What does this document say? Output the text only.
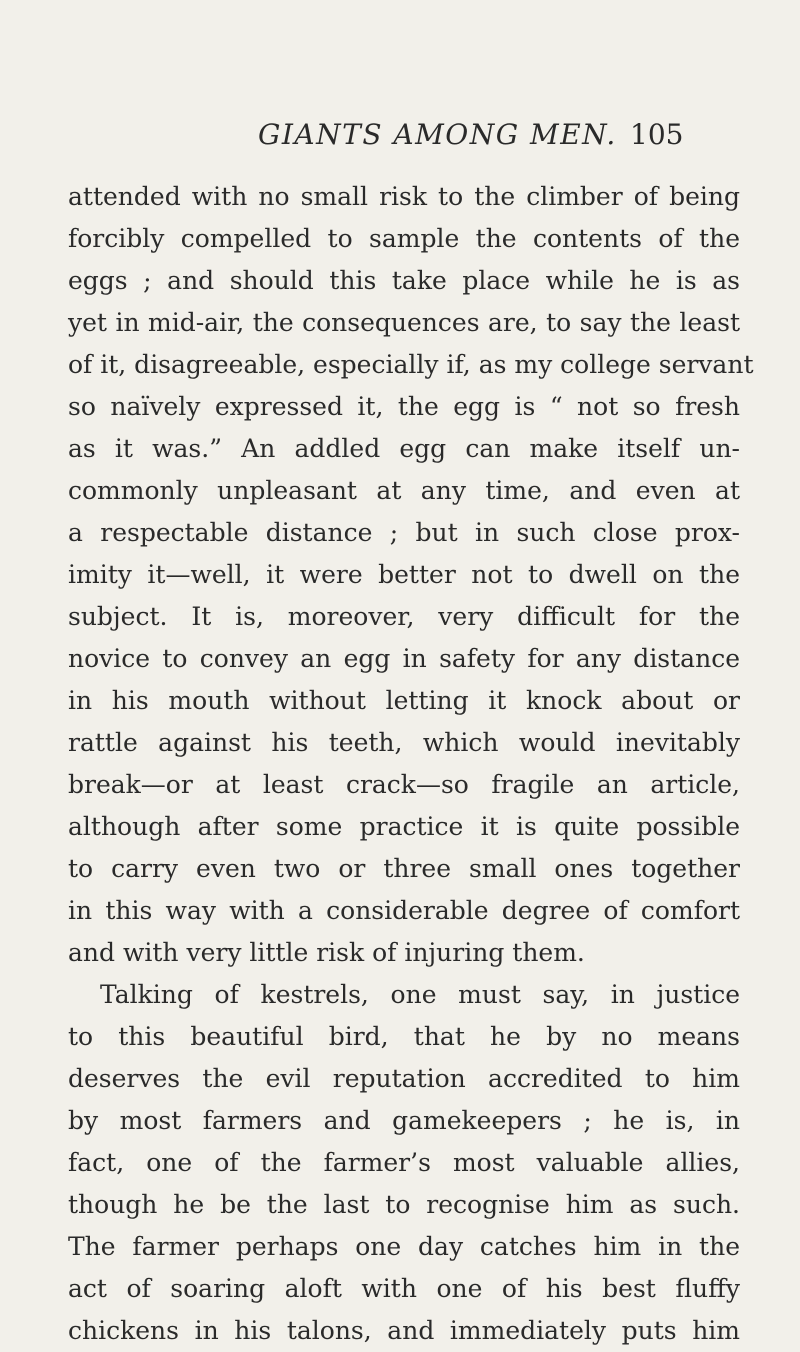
GIANTS AMONG MEN. 105
attended with no small risk to the climber of being
forcibly compelled to sample the contents of the
eggs ; and should this take place while he is as
yet in mid-air, the consequences are, to say the least
of it, disagreeable, especially if, as my college servant
so naïvely expressed it, the egg is “ not so fresh
as it was.” An addled egg can make itself un-
commonly unpleasant at any time, and even at
a respectable distance ; but in such close prox-
imity it—well, it were better not to dwell on the
subject. It is, moreover, very difficult for the
novice to convey an egg in safety for any distance
in his mouth without letting it knock about or
rattle against his teeth, which would inevitably
break—or at least crack—so fragile an article,
although after some practice it is quite possible
to carry even two or three small ones together
in this way with a considerable degree of comfort
and with very little risk of injuring them.
Talking of kestrels, one must say, in justice
to this beautiful bird, that he by no means
deserves the evil reputation accredited to him
by most farmers and gamekeepers ; he is, in
fact, one of the farmer’s most valuable allies,
though he be the last to recognise him as such.
The farmer perhaps one day catches him in the
act of soaring aloft with one of his best fluffy
chickens in his talons, and immediately puts him
